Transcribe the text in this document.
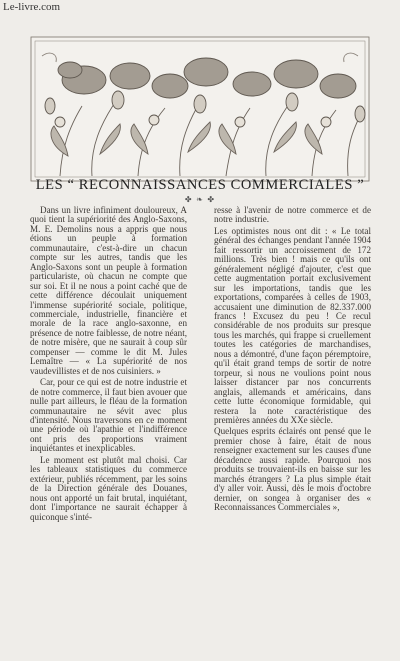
Le-livre.com
LES “ RECONNAISSANCES COMMERCIALES ”
✤ ❧ ✤

Dans un livre infiniment douloureux, A quoi tient la supériorité des Anglo-Saxons, M. E. Demolins nous a appris que nous étions un peuple à formation communautaire, c'est-à-dire un chacun compte sur les autres, tandis que les Anglo-Saxons sont un peuple à formation particulariste, où chacun ne compte que sur soi. Et il ne nous a point caché que de cette différence découlait uniquement l'immense supériorité sociale, politique, commerciale, industrielle, financière et morale de la race anglo-saxonne, en présence de notre faiblesse, de notre néant, de notre misère, que ne saurait à coup sûr compenser — comme le dit M. Jules Lemaître — « La supériorité de nos vaudevillistes et de nos cuisiniers. »

Car, pour ce qui est de notre industrie et de notre commerce, il faut bien avouer que nulle part ailleurs, le fléau de la formation communautaire ne sévit avec plus d'intensité. Nous traversons en ce moment une période où l'apathie et l'indifférence ont pris des proportions vraiment inquiétantes et inexplicables.

Le moment est plutôt mal choisi. Car les tableaux statistiques du commerce extérieur, publiés récemment, par les soins de la Direction générale des Douanes, nous ont apporté un fait brutal, inquiétant, dont l'importance ne saurait échapper à quiconque s'inté-

resse à l'avenir de notre commerce et de notre industrie.

Les optimistes nous ont dit : « Le total général des échanges pendant l'année 1904 fait ressortir un accroissement de 172 millions. Très bien ! mais ce qu'ils ont généralement négligé d'ajouter, c'est que cette augmentation portait exclusivement sur les importations, tandis que les exportations, comparées à celles de 1903, accusaient une diminution de 82.337.000 francs ! Excusez du peu ! Ce recul considérable de nos produits sur presque tous les marchés, qui frappe si cruellement toutes les catégories de marchandises, nous a démontré, d'une façon péremptoire, qu'il était grand temps de sortir de notre torpeur, si nous ne voulions point nous laisser distancer par nos concurrents anglais, allemands et américains, dans cette lutte économique formidable, qui restera la note caractéristique des premières années du XXe siècle.

Quelques esprits éclairés ont pensé que le premier chose à faire, était de nous renseigner exactement sur les causes d'une décadence aussi rapide. Pourquoi nos produits se trouvaient-ils en baisse sur les marchés étrangers ? La plus simple était d'y aller voir. Aussi, dès le mois d'octobre dernier, on songea à organiser des « Reconnaissances Commerciales »,
